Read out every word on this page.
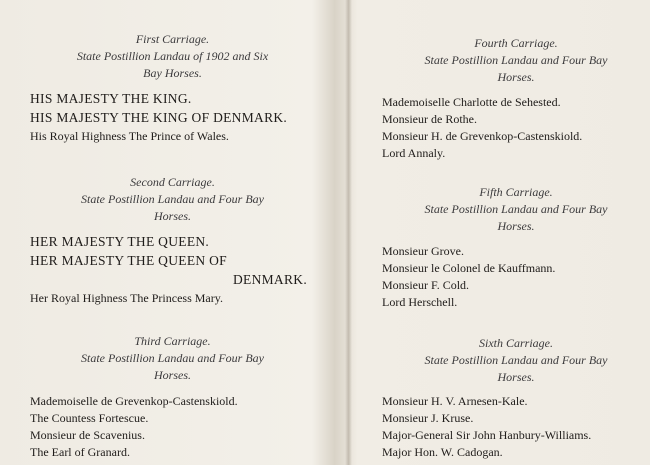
First Carriage.
State Postillion Landau of 1902 and Six
Bay Horses.
HIS MAJESTY THE KING.
HIS MAJESTY THE KING OF DENMARK.
His Royal Highness The Prince of Wales.
Second Carriage.
State Postillion Landau and Four Bay
Horses.
HER MAJESTY THE QUEEN.
HER MAJESTY THE QUEEN OF
DENMARK.
Her Royal Highness The Princess Mary.
Third Carriage.
State Postillion Landau and Four Bay
Horses.
Mademoiselle de Grevenkop-Castenskiold.
The Countess Fortescue.
Monsieur de Scavenius.
The Earl of Granard.
Fourth Carriage.
State Postillion Landau and Four Bay
Horses.
Mademoiselle Charlotte de Sehested.
Monsieur de Rothe.
Monsieur H. de Grevenkop-Castenskiold.
Lord Annaly.
Fifth Carriage.
State Postillion Landau and Four Bay
Horses.
Monsieur Grove.
Monsieur le Colonel de Kauffmann.
Monsieur F. Cold.
Lord Herschell.
Sixth Carriage.
State Postillion Landau and Four Bay
Horses.
Monsieur H. V. Arnesen-Kale.
Monsieur J. Kruse.
Major-General Sir John Hanbury-Williams.
Major Hon. W. Cadogan.
